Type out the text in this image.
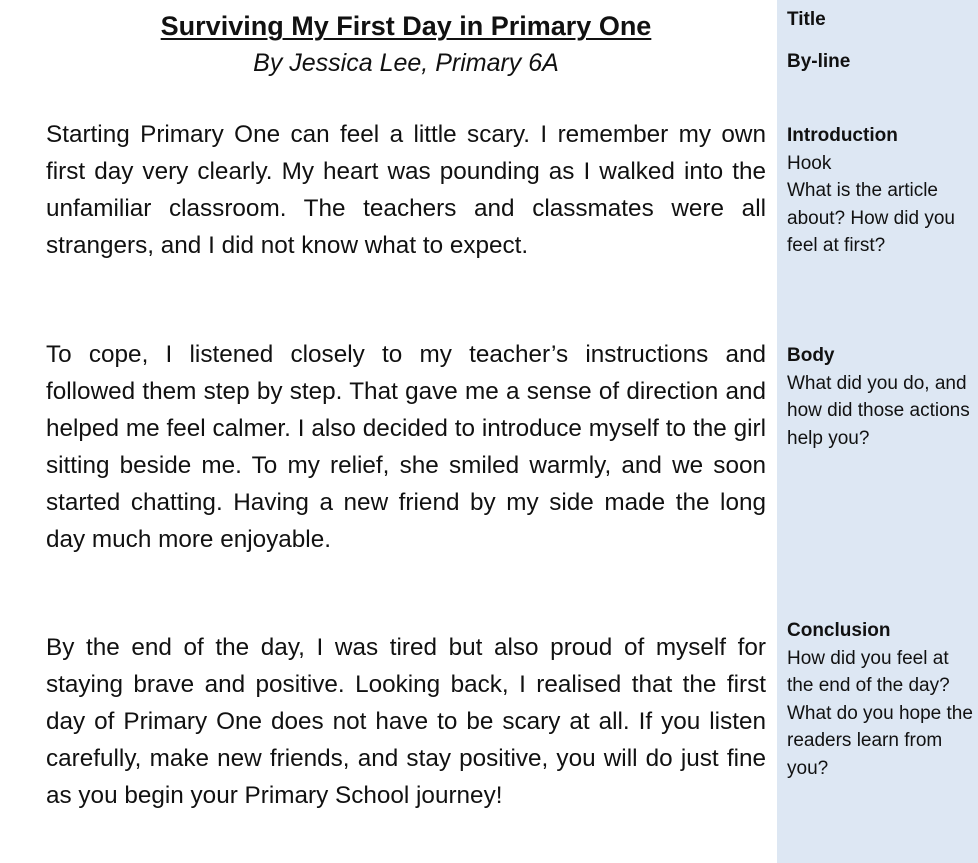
Surviving My First Day in Primary One
By Jessica Lee, Primary 6A

Starting Primary One can feel a little scary. I remember my own first day very clearly. My heart was pounding as I walked into the unfamiliar classroom. The teachers and classmates were all strangers, and I did not know what to expect.

To cope, I listened closely to my teacher’s instructions and followed them step by step. That gave me a sense of direction and helped me feel calmer. I also decided to introduce myself to the girl sitting beside me. To my relief, she smiled warmly, and we soon started chatting. Having a new friend by my side made the long day much more enjoyable.

By the end of the day, I was tired but also proud of myself for staying brave and positive. Looking back, I realised that the first day of Primary One does not have to be scary at all. If you listen carefully, make new friends, and stay positive, you will do just fine as you begin your Primary School journey!

Title
By-line
Introduction
Hook
What is the article about? How did you feel at first?
Body
What did you do, and how did those actions help you?
Conclusion
How did you feel at the end of the day?
What do you hope the readers learn from you?
